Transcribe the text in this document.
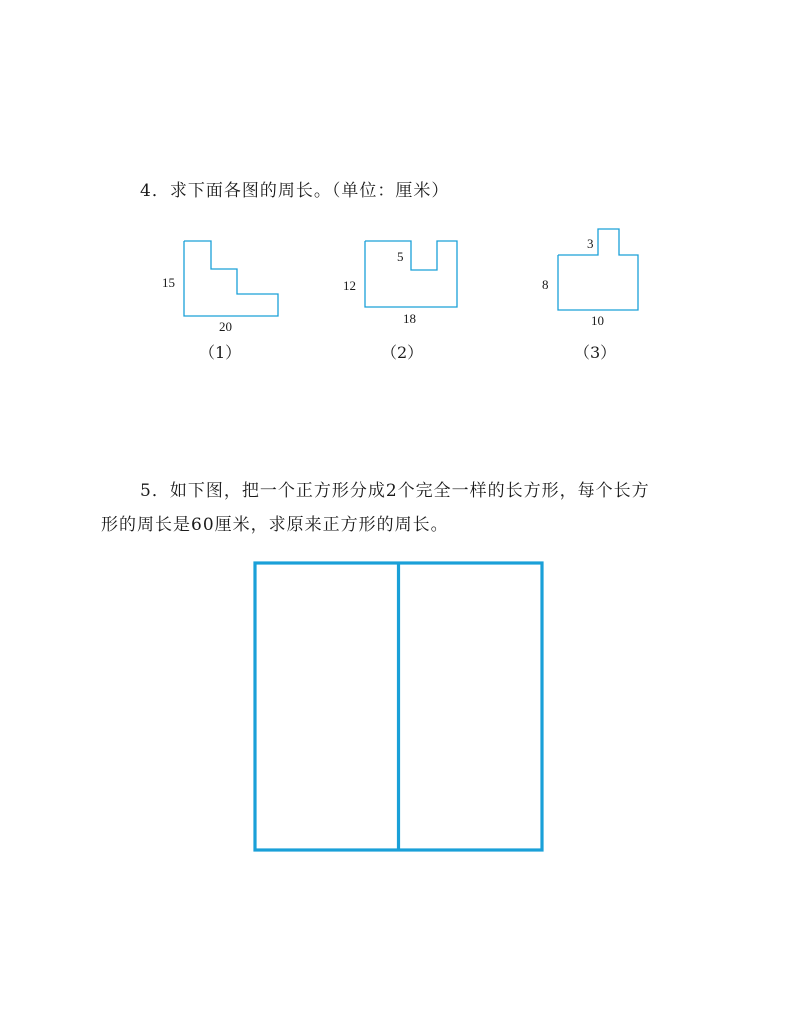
4．求下面各图的周长。（单位：厘米）
15
20
5
12
18
3
8
10
（1）	（2）	（3）
5．如下图，把一个正方形分成2个完全一样的长方形，每个长方
形的周长是60厘米，求原来正方形的周长。
